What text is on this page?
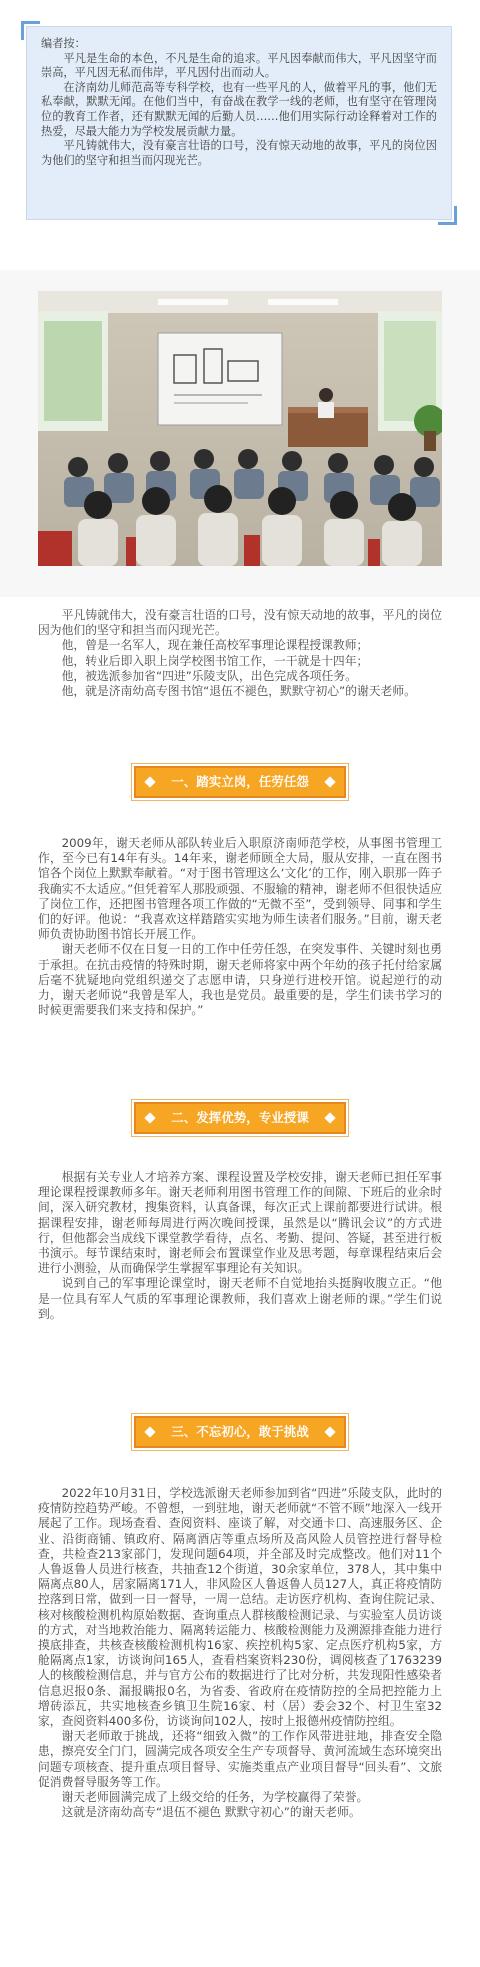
编者按：

平凡是生命的本色，不凡是生命的追求。平凡因奉献而伟大，平凡因坚守而崇高，平凡因无私而伟岸，平凡因付出而动人。

在济南幼儿师范高等专科学校，也有一些平凡的人，做着平凡的事，他们无私奉献，默默无闻。在他们当中，有奋战在教学一线的老师，也有坚守在管理岗位的教育工作者，还有默默无闻的后勤人员……他们用实际行动诠释着对工作的热爱，尽最大能力为学校发展贡献力量。

平凡铸就伟大，没有豪言壮语的口号，没有惊天动地的故事，平凡的岗位因为他们的坚守和担当而闪现光芒。

平凡铸就伟大，没有豪言壮语的口号，没有惊天动地的故事，平凡的岗位因为他们的坚守和担当而闪现光芒。

他，曾是一名军人，现在兼任高校军事理论课程授课教师；

他，转业后即入职上岗学校图书馆工作，一干就是十四年；

他，被选派参加省“四进”乐陵支队，出色完成各项任务。

他，就是济南幼高专图书馆“退伍不褪色，默默守初心”的谢天老师。

一、踏实立岗，任劳任怨

2009年，谢天老师从部队转业后入职原济南师范学校，从事图书管理工作，至今已有14年有头。14年来，谢老师顾全大局，服从安排，一直在图书馆各个岗位上默默奉献着。“对于图书管理这么‘文化’的工作，刚入职那一阵子我确实不太适应。”但凭着军人那股顽强、不服输的精神，谢老师不但很快适应了岗位工作，还把图书管理各项工作做的“无微不至”，受到领导、同事和学生们的好评。他说：“我喜欢这样踏踏实实地为师生读者们服务。”目前，谢天老师负责协助图书馆长开展工作。

谢天老师不仅在日复一日的工作中任劳任怨，在突发事件、关键时刻也勇于承担。在抗击疫情的特殊时期，谢天老师将家中两个年幼的孩子托付给家属后毫不犹疑地向党组织递交了志愿申请，只身逆行进校开馆。说起逆行的动力，谢天老师说“我曾是军人，我也是党员。最重要的是，学生们读书学习的时候更需要我们来支持和保护。”

二、发挥优势，专业授课

根据有关专业人才培养方案、课程设置及学校安排，谢天老师已担任军事理论课程授课教师多年。谢天老师利用图书管理工作的间隙、下班后的业余时间，深入研究教材，搜集资料，认真备课，每次正式上课前都要进行试讲。根据课程安排，谢老师每周进行两次晚间授课，虽然是以“腾讯会议”的方式进行，但他都会当成线下课堂教学看待，点名、考勤、提问、答疑，甚至进行板书演示。每节课结束时，谢老师会布置课堂作业及思考题，每章课程结束后会进行小测验，从而确保学生掌握军事理论有关知识。

说到自己的军事理论课堂时，谢天老师不自觉地抬头挺胸收腹立正。“他是一位具有军人气质的军事理论课教师，我们喜欢上谢老师的课。”学生们说到。

三、不忘初心，敢于挑战

2022年10月31日，学校选派谢天老师参加到省“四进”乐陵支队，此时的疫情防控趋势严峻。不曾想，一到驻地，谢天老师就“不管不顾”地深入一线开展起了工作。现场查看、查阅资料、座谈了解，对交通卡口、高速服务区、企业、沿街商铺、镇政府、隔离酒店等重点场所及高风险人员管控进行督导检查，共检查213家部门，发现问题64项，并全部及时完成整改。他们对11个人鲁返鲁人员进行核查，共抽查12个街道，30余家单位，378人，其中集中隔离点80人，居家隔离171人，非风险区人鲁返鲁人员127人，真正将疫情防控落到日常，做到一日一督导，一周一总结。走访医疗机构、查询住院记录、核对核酸检测机构原始数据、查询重点人群核酸检测记录、与实验室人员访谈的方式，对当地救治能力、隔离转运能力、核酸检测能力及溯源排查能力进行摸底排查，共核查核酸检测机构16家、疾控机构5家、定点医疗机构5家，方舱隔离点1家，访谈询问165人，查看档案资料230份，调阅核查了1763239人的核酸检测信息，并与官方公布的数据进行了比对分析，共发现阳性感染者信息迟报0条、漏报瞒报0名，为省委、省政府在疫情防控的全局把控能力上增砖添瓦，共实地核查乡镇卫生院16家、村（居）委会32个、村卫生室32家，查阅资料400多份，访谈询问102人，按时上报德州疫情防控组。

谢天老师敢于挑战，还将“细致入微”的工作作风带进驻地，排查安全隐患，擦亮安全门门，圆满完成各项安全生产专项督导、黄河流域生态环境突出问题专项核查、提升重点项目督导、实施类重点产业项目督导“回头看”、文旅促消费督导服务等工作。

谢天老师圆满完成了上级交给的任务，为学校赢得了荣誉。

这就是济南幼高专“退伍不褪色 默默守初心”的谢天老师。
